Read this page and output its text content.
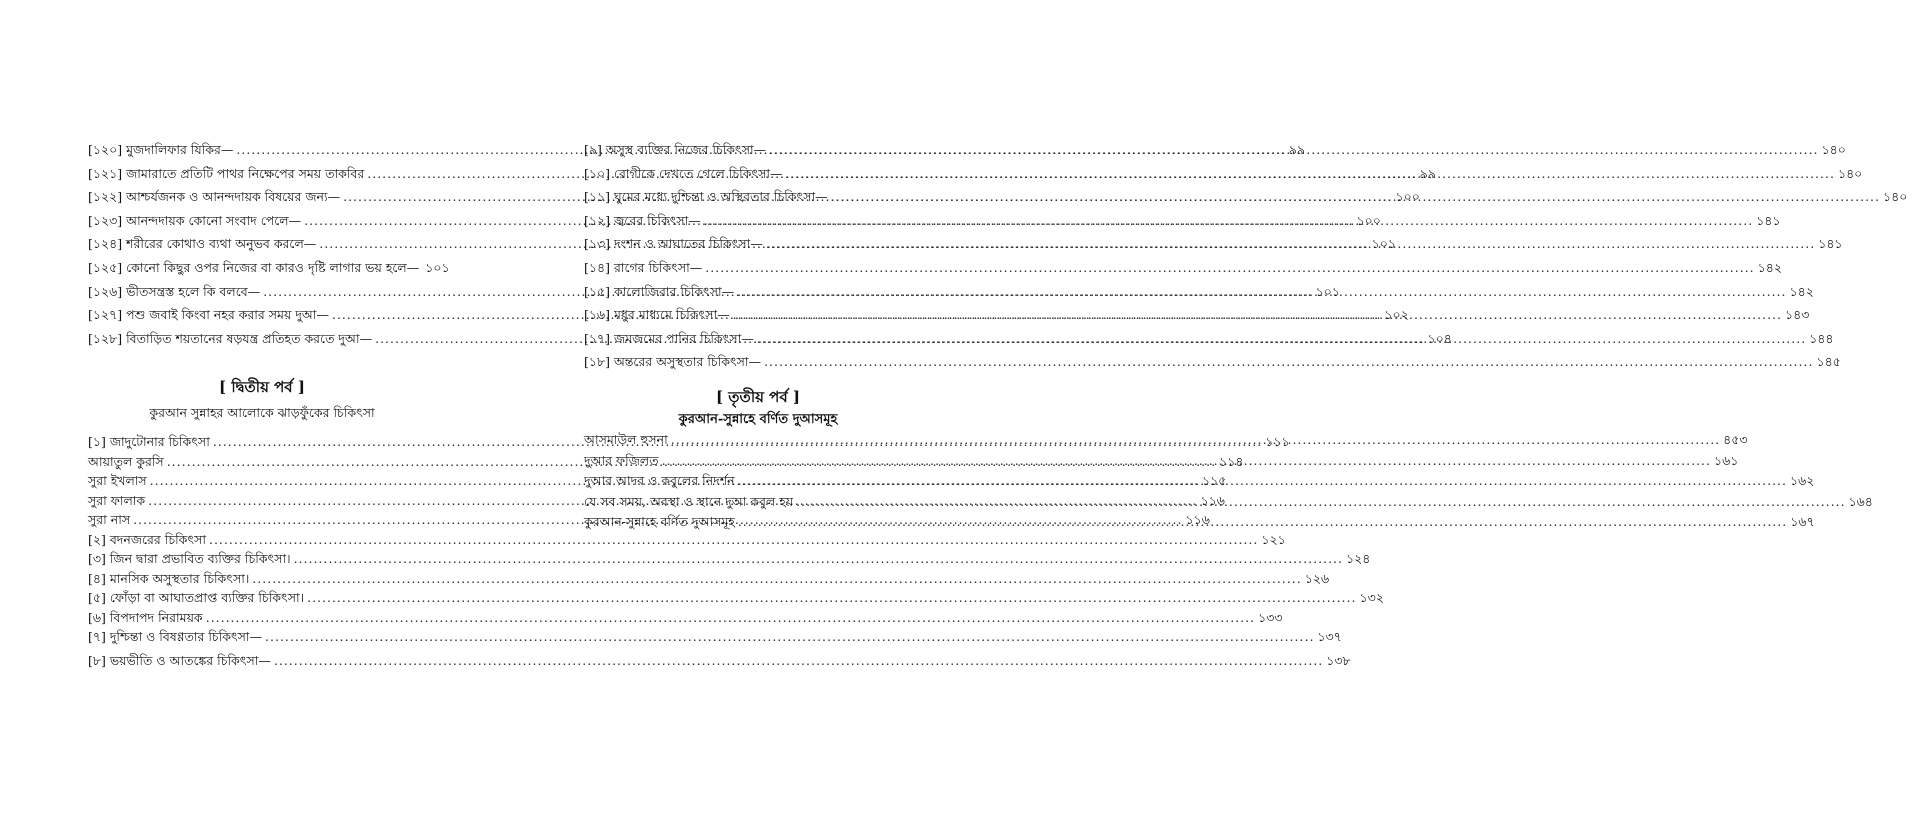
[১২০] মুজদালিফার যিকির— .....	৯৯
[১২১] জামারাতে প্রতিটি পাথর নিক্ষেপের সময় তাকবির .....	৯৯
[১২২] আশ্চর্যজনক ও আনন্দদায়ক বিষয়ের জন্য— .....	১০০
[১২৩] আনন্দদায়ক কোনো সংবাদ পেলে— .....	১০০
[১২৪] শরীরের কোথাও ব্যথা অনুভব করলে— .....	১০১
[১২৫] কোনো কিছুর ওপর নিজের বা কারও দৃষ্টি লাগার ভয় হলে— ১০১
[১২৬] ভীতসন্ত্রস্ত হলে কি বলবে— .....	১০১
[১২৭] পশু জবাই কিংবা নহর করার সময় দুআ— .....	১০২
[১২৮] বিতাড়িত শয়তানের ষড়যন্ত্র প্রতিহত করতে দুআ— .....	১০৪
[ দ্বিতীয় পর্ব ]
কুরআন সুন্নাহর আলোকে ঝাড়ফুঁকের চিকিৎসা
[১] জাদুটোনার চিকিৎসা .....	১১১
আয়াতুল কুরসি .....	১১৪
সুরা ইখলাস .....	১১৫
সুরা ফালাক .....	১১৬
সুরা নাস .....	১১৬
[২] বদনজরের চিকিৎসা .....	১২১
[৩] জিন দ্বারা প্রভাবিত ব্যক্তির চিকিৎসা। .....	১২৪
[৪] মানসিক অসুস্থতার চিকিৎসা। .....	১২৬
[৫] ফোঁড়া বা আঘাতপ্রাপ্ত ব্যক্তির চিকিৎসা। .....	১৩২
[৬] বিপদাপদ নিরাময়ক .....	১৩৩
[৭] দুশ্চিন্তা ও বিষণ্ণতার চিকিৎসা— .....	১৩৭
[৮] ভয়ভীতি ও আতঙ্কের চিকিৎসা— .....	১৩৮
[৯] অসুস্থ ব্যক্তির নিজের চিকিৎসা— .....	১৪০
[১০] রোগীকে দেখতে গেলে চিকিৎসা— .....	১৪০
[১১] ঘুমের মধ্যে দুশ্চিন্তা ও অস্থিরতার চিকিৎসা— .....	১৪০
[১২] জ্বরের চিকিৎসা— .....	১৪১
[১৩] দংশন ও আঘাতের চিকিৎসা— .....	১৪১
[১৪] রাগের চিকিৎসা— .....	১৪২
[১৫] কালোজিরার চিকিৎসা— .....	১৪২
[১৬] মধুর মাধ্যমে চিকিৎসা— .....	১৪৩
[১৭] জমজমের পানির চিকিৎসা— .....	১৪৪
[১৮] অন্তরের অসুস্থতার চিকিৎসা— .....	১৪৫
[ তৃতীয় পর্ব ]
কুরআন-সুন্নাহে বর্ণিত দুআসমূহ
আসমাউল হুসনা .....	৪৫৩
দুআর ফজিলত .....	১৬১
দুআর আদব ও কবুলের নিদর্শন .....	১৬২
যে সব সময়, অবস্থা ও স্থানে দুআ কবুল হয় .....	১৬৪
কুরআন-সুন্নাহে বর্ণিত দুআসমূহ .....	১৬৭
